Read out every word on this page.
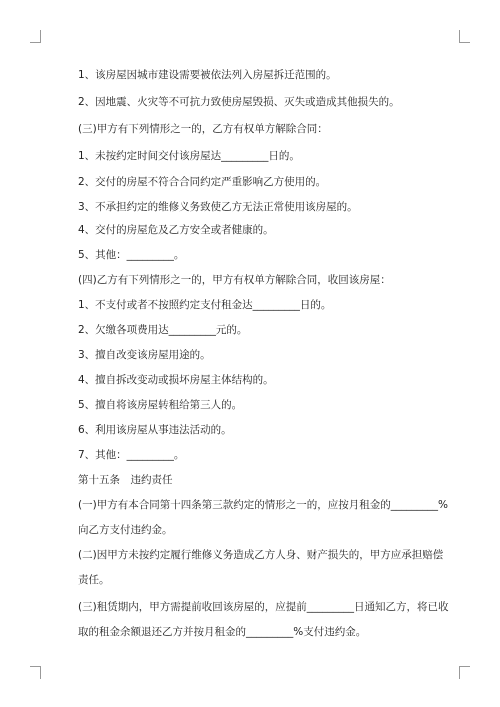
1、该房屋因城市建设需要被依法列入房屋拆迁范围的。
2、因地震、火灾等不可抗力致使房屋毁损、灭失或造成其他损失的。
(三)甲方有下列情形之一的，乙方有权单方解除合同：
1、未按约定时间交付该房屋达_________日的。
2、交付的房屋不符合合同约定严重影响乙方使用的。
3、不承担约定的维修义务致使乙方无法正常使用该房屋的。
4、交付的房屋危及乙方安全或者健康的。
5、其他：_________。
(四)乙方有下列情形之一的，甲方有权单方解除合同，收回该房屋：
1、不支付或者不按照约定支付租金达_________日的。
2、欠缴各项费用达_________元的。
3、擅自改变该房屋用途的。
4、擅自拆改变动或损坏房屋主体结构的。
5、擅自将该房屋转租给第三人的。
6、利用该房屋从事违法活动的。
7、其他：_________。
第十五条　违约责任
(一)甲方有本合同第十四条第三款约定的情形之一的，应按月租金的_________%
向乙方支付违约金。
(二)因甲方未按约定履行维修义务造成乙方人身、财产损失的，甲方应承担赔偿
责任。
(三)租赁期内，甲方需提前收回该房屋的，应提前_________日通知乙方，将已收
取的租金余额退还乙方并按月租金的_________%支付违约金。
